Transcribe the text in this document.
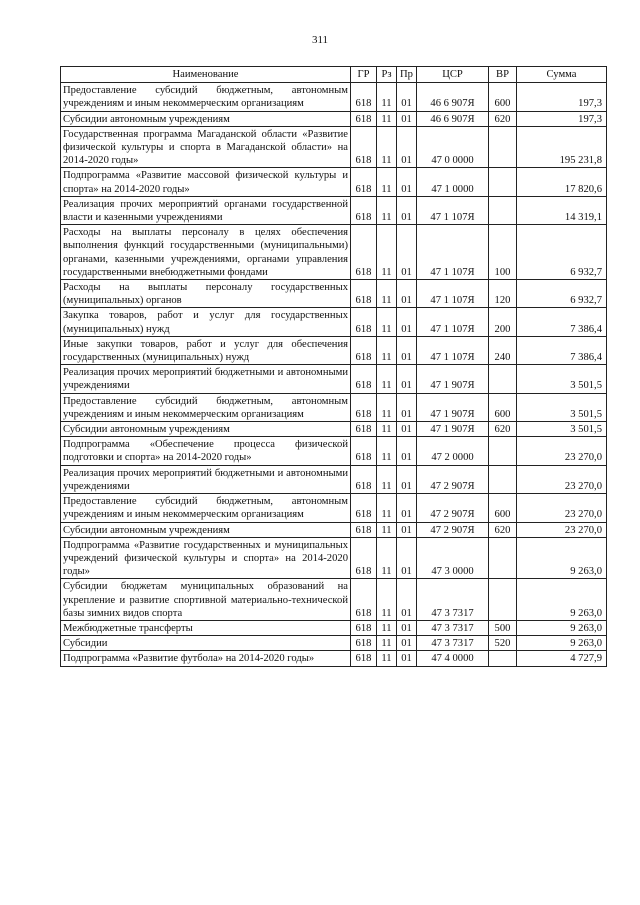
311
Наименование	ГР	Рз	Пр	ЦСР	ВР	Сумма
Предоставление субсидий бюджетным, автономным учреждениям и иным некоммерческим организациям	618	11	01	46 6 907Я	600	197,3
Субсидии автономным учреждениям	618	11	01	46 6 907Я	620	197,3
Государственная программа Магаданской области «Развитие физической культуры и спорта в Магаданской области» на 2014-2020 годы»	618	11	01	47 0 0000		195 231,8
Подпрограмма «Развитие массовой физической культуры и спорта» на 2014-2020 годы»	618	11	01	47 1 0000		17 820,6
Реализация прочих мероприятий органами государственной власти и казенными учреждениями	618	11	01	47 1 107Я		14 319,1
Расходы на выплаты персоналу в целях обеспечения выполнения функций государственными (муниципальными) органами, казенными учреждениями, органами управления государственными внебюджетными фондами	618	11	01	47 1 107Я	100	6 932,7
Расходы на выплаты персоналу государственных (муниципальных) органов	618	11	01	47 1 107Я	120	6 932,7
Закупка товаров, работ и услуг для государственных (муниципальных) нужд	618	11	01	47 1 107Я	200	7 386,4
Иные закупки товаров, работ и услуг для обеспечения государственных (муниципальных) нужд	618	11	01	47 1 107Я	240	7 386,4
Реализация прочих мероприятий бюджетными и автономными учреждениями	618	11	01	47 1 907Я		3 501,5
Предоставление субсидий бюджетным, автономным учреждениям и иным некоммерческим организациям	618	11	01	47 1 907Я	600	3 501,5
Субсидии автономным учреждениям	618	11	01	47 1 907Я	620	3 501,5
Подпрограмма «Обеспечение процесса физической подготовки и спорта» на 2014-2020 годы»	618	11	01	47 2 0000		23 270,0
Реализация прочих мероприятий бюджетными и автономными учреждениями	618	11	01	47 2 907Я		23 270,0
Предоставление субсидий бюджетным, автономным учреждениям и иным некоммерческим организациям	618	11	01	47 2 907Я	600	23 270,0
Субсидии автономным учреждениям	618	11	01	47 2 907Я	620	23 270,0
Подпрограмма «Развитие государственных и муниципальных учреждений физической культуры и спорта» на 2014-2020 годы»	618	11	01	47 3 0000		9 263,0
Субсидии бюджетам муниципальных образований на укрепление и развитие спортивной материально-технической базы зимних видов спорта	618	11	01	47 3 7317		9 263,0
Межбюджетные трансферты	618	11	01	47 3 7317	500	9 263,0
Субсидии	618	11	01	47 3 7317	520	9 263,0
Подпрограмма «Развитие футбола» на 2014-2020 годы»	618	11	01	47 4 0000		4 727,9
